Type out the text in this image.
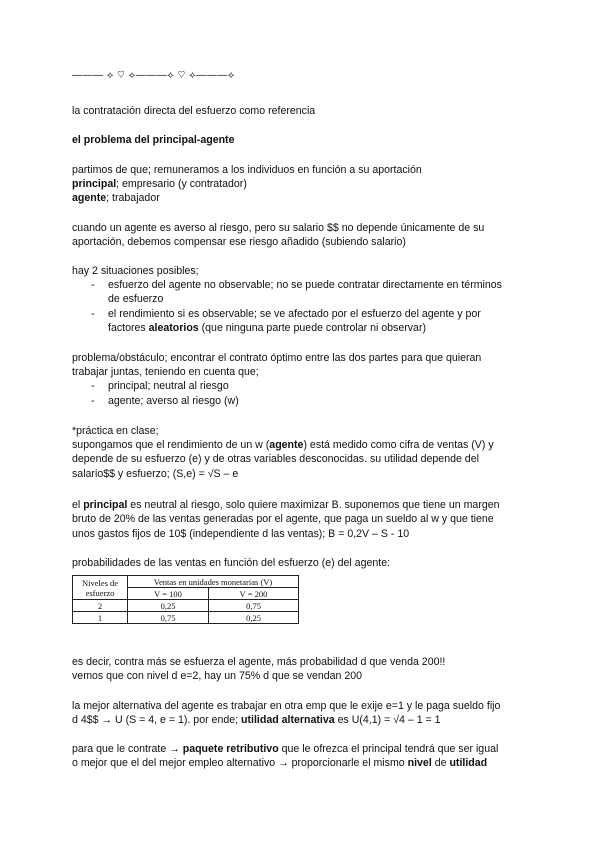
——— ⟡ ♡ ⟡———⟡ ♡ ⟡———⟡
la contratación directa del esfuerzo como referencia
el problema del principal-agente
partimos de que; remuneramos a los individuos en función a su aportación
principal; empresario (y contratador)
agente; trabajador
cuando un agente es averso al riesgo, pero su salario $$ no depende únicamente de su
aportación, debemos compensar ese riesgo añadido (subiendo salario)
hay 2 situaciones posibles;
- esfuerzo del agente no observable; no se puede contratar directamente en términos
de esfuerzo
- el rendimiento si es observable; se ve afectado por el esfuerzo del agente y por
factores aleatorios (que ninguna parte puede controlar ni observar)
problema/obstáculo; encontrar el contrato óptimo entre las dos partes para que quieran
trabajar juntas, teniendo en cuenta que;
- principal; neutral al riesgo
- agente; averso al riesgo (w)
*práctica en clase;
supongamos que el rendimiento de un w (agente) está medido como cifra de ventas (V) y
depende de su esfuerzo (e) y de otras variables desconocidas. su utilidad depende del
salario$$ y esfuerzo; (S,e) = √S – e
el principal es neutral al riesgo, solo quiere maximizar B. suponemos que tiene un margen
bruto de 20% de las ventas generadas por el agente, que paga un sueldo al w y que tiene
unos gastos fijos de 10$ (independiente d las ventas); B = 0,2V – S - 10
probabilidades de las ventas en función del esfuerzo (e) del agente:
Niveles de
esfuerzo	Ventas en unidades monetarias (V)	
	V = 100	V = 200
2	0,25	0,75
1	0,75	0,25
es decir, contra más se esfuerza el agente, más probabilidad d que venda 200!!
vemos que con nivel d e=2, hay un 75% d que se vendan 200
la mejor alternativa del agente es trabajar en otra emp que le exije e=1 y le paga sueldo fijo
d 4$$ → U (S = 4, e = 1). por ende; utilidad alternativa es U(4,1) = √4 – 1 = 1
para que le contrate → paquete retributivo que le ofrezca el principal tendrá que ser igual
o mejor que el del mejor empleo alternativo → proporcionarle el mismo nivel de utilidad
